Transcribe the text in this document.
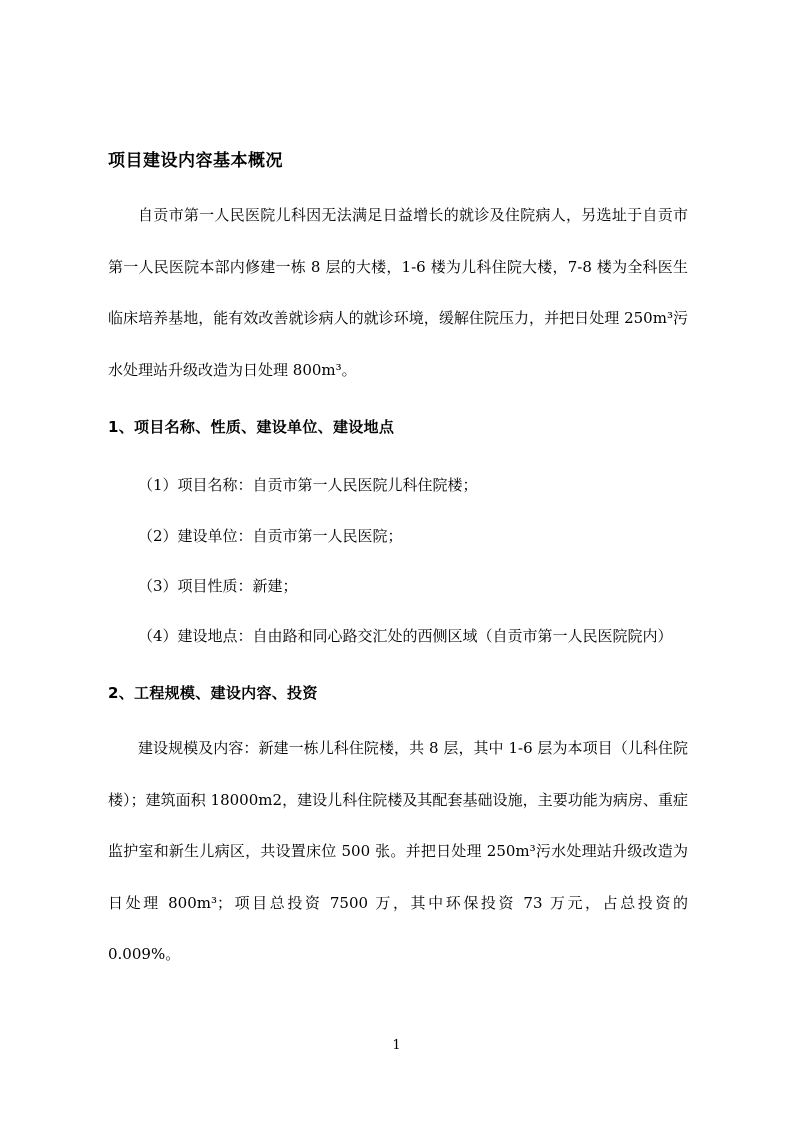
项目建设内容基本概况

自贡市第一人民医院儿科因无法满足日益增长的就诊及住院病人，另选址于自贡市第一人民医院本部内修建一栋 8 层的大楼，1-6 楼为儿科住院大楼，7-8 楼为全科医生临床培养基地，能有效改善就诊病人的就诊环境，缓解住院压力，并把日处理 250m³污水处理站升级改造为日处理 800m³。

1、项目名称、性质、建设单位、建设地点
（1）项目名称：自贡市第一人民医院儿科住院楼；
（2）建设单位：自贡市第一人民医院；
（3）项目性质：新建；
（4）建设地点：自由路和同心路交汇处的西侧区域（自贡市第一人民医院院内）
2、工程规模、建设内容、投资

建设规模及内容：新建一栋儿科住院楼，共 8 层，其中 1-6 层为本项目（儿科住院楼）；建筑面积 18000m2，建设儿科住院楼及其配套基础设施，主要功能为病房、重症监护室和新生儿病区，共设置床位 500 张。并把日处理 250m³污水处理站升级改造为日处理 800m³；项目总投资 7500 万，其中环保投资 73 万元，占总投资的 0.009%。

1
